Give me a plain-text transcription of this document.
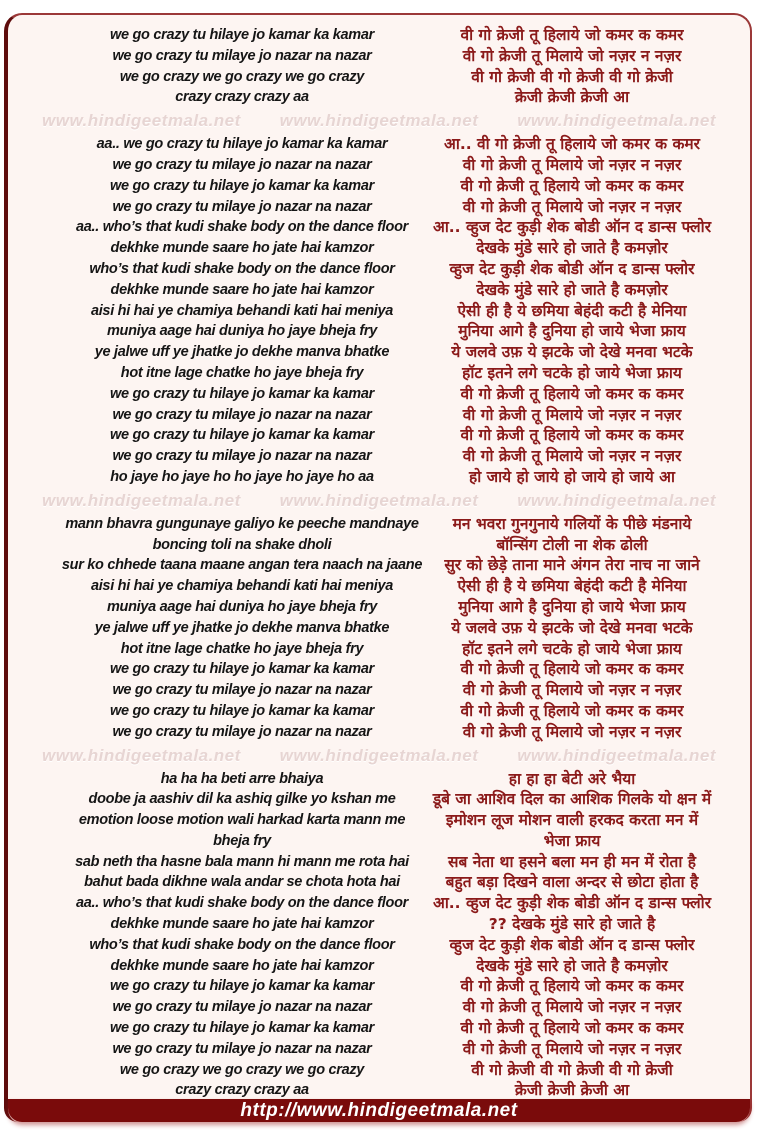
we go crazy tu hilaye jo kamar ka kamar	वी गो क्रेजी तू हिलाये जो कमर क कमर
we go crazy tu milaye jo nazar na nazar	वी गो क्रेजी तू मिलाये जो नज़र न नज़र
we go crazy we go crazy we go crazy	वी गो क्रेजी वी गो क्रेजी वी गो क्रेजी
crazy crazy crazy aa	क्रेजी क्रेजी क्रेजी आ
www.hindigeetmala.net www.hindigeetmala.net www.hindigeetmala.net
aa.. we go crazy tu hilaye jo kamar ka kamar	आ.. वी गो क्रेजी तू हिलाये जो कमर क कमर
we go crazy tu milaye jo nazar na nazar	वी गो क्रेजी तू मिलाये जो नज़र न नज़र
we go crazy tu hilaye jo kamar ka kamar	वी गो क्रेजी तू हिलाये जो कमर क कमर
we go crazy tu milaye jo nazar na nazar	वी गो क्रेजी तू मिलाये जो नज़र न नज़र
aa.. who’s that kudi shake body on the dance floor	आ.. व्हुज देट कुड़ी शेक बोडी ऑन द डान्स फ्लोर
dekhke munde saare ho jate hai kamzor	देखके मुंडे सारे हो जाते है कमज़ोर
who’s that kudi shake body on the dance floor	व्हुज देट कुड़ी शेक बोडी ऑन द डान्स फ्लोर
dekhke munde saare ho jate hai kamzor	देखके मुंडे सारे हो जाते है कमज़ोर
aisi hi hai ye chamiya behandi kati hai meniya	ऐसी ही है ये छमिया बेहंदी कटी है मेनिया
muniya aage hai duniya ho jaye bheja fry	मुनिया आगे है दुनिया हो जाये भेजा फ्राय
ye jalwe uff ye jhatke jo dekhe manva bhatke	ये जलवे उफ़ ये झटके जो देखे मनवा भटके
hot itne lage chatke ho jaye bheja fry	हॉट इतने लगे चटके हो जाये भेजा फ्राय
we go crazy tu hilaye jo kamar ka kamar	वी गो क्रेजी तू हिलाये जो कमर क कमर
we go crazy tu milaye jo nazar na nazar	वी गो क्रेजी तू मिलाये जो नज़र न नज़र
we go crazy tu hilaye jo kamar ka kamar	वी गो क्रेजी तू हिलाये जो कमर क कमर
we go crazy tu milaye jo nazar na nazar	वी गो क्रेजी तू मिलाये जो नज़र न नज़र
ho jaye ho jaye ho ho jaye ho jaye ho aa	हो जाये हो जाये हो जाये हो जाये आ
www.hindigeetmala.net www.hindigeetmala.net www.hindigeetmala.net
mann bhavra gungunaye galiyo ke peeche mandnaye	मन भवरा गुनगुनाये गलियों के पीछे मंडनाये
boncing toli na shake dholi	बॉन्सिंग टोली ना शेक ढोली
sur ko chhede taana maane angan tera naach na jaane	सुर को छेड़े ताना माने अंगन तेरा नाच ना जाने
aisi hi hai ye chamiya behandi kati hai meniya	ऐसी ही है ये छमिया बेहंदी कटी है मेनिया
muniya aage hai duniya ho jaye bheja fry	मुनिया आगे है दुनिया हो जाये भेजा फ्राय
ye jalwe uff ye jhatke jo dekhe manva bhatke	ये जलवे उफ़ ये झटके जो देखे मनवा भटके
hot itne lage chatke ho jaye bheja fry	हॉट इतने लगे चटके हो जाये भेजा फ्राय
we go crazy tu hilaye jo kamar ka kamar	वी गो क्रेजी तू हिलाये जो कमर क कमर
we go crazy tu milaye jo nazar na nazar	वी गो क्रेजी तू मिलाये जो नज़र न नज़र
we go crazy tu hilaye jo kamar ka kamar	वी गो क्रेजी तू हिलाये जो कमर क कमर
we go crazy tu milaye jo nazar na nazar	वी गो क्रेजी तू मिलाये जो नज़र न नज़र
www.hindigeetmala.net www.hindigeetmala.net www.hindigeetmala.net
ha ha ha beti arre bhaiya	हा हा हा बेटी अरे भैया
doobe ja aashiv dil ka ashiq gilke yo kshan me	डूबे जा आशिव दिल का आशिक गिलके यो क्षन में
emotion loose motion wali harkad karta mann me	इमोशन लूज मोशन वाली हरकद करता मन में
bheja fry	भेजा फ्राय
sab neth tha hasne bala mann hi mann me rota hai	सब नेता था हसने बला मन ही मन में रोता है
bahut bada dikhne wala andar se chota hota hai	बहुत बड़ा दिखने वाला अन्दर से छोटा होता है
aa.. who’s that kudi shake body on the dance floor	आ.. व्हुज देट कुड़ी शेक बोडी ऑन द डान्स फ्लोर
dekhke munde saare ho jate hai kamzor	?? देखके मुंडे सारे हो जाते है
who’s that kudi shake body on the dance floor	व्हुज देट कुड़ी शेक बोडी ऑन द डान्स फ्लोर
dekhke munde saare ho jate hai kamzor	देखके मुंडे सारे हो जाते है कमज़ोर
we go crazy tu hilaye jo kamar ka kamar	वी गो क्रेजी तू हिलाये जो कमर क कमर
we go crazy tu milaye jo nazar na nazar	वी गो क्रेजी तू मिलाये जो नज़र न नज़र
we go crazy tu hilaye jo kamar ka kamar	वी गो क्रेजी तू हिलाये जो कमर क कमर
we go crazy tu milaye jo nazar na nazar	वी गो क्रेजी तू मिलाये जो नज़र न नज़र
we go crazy we go crazy we go crazy	वी गो क्रेजी वी गो क्रेजी वी गो क्रेजी
crazy crazy crazy aa	क्रेजी क्रेजी क्रेजी आ
http://www.hindigeetmala.net
